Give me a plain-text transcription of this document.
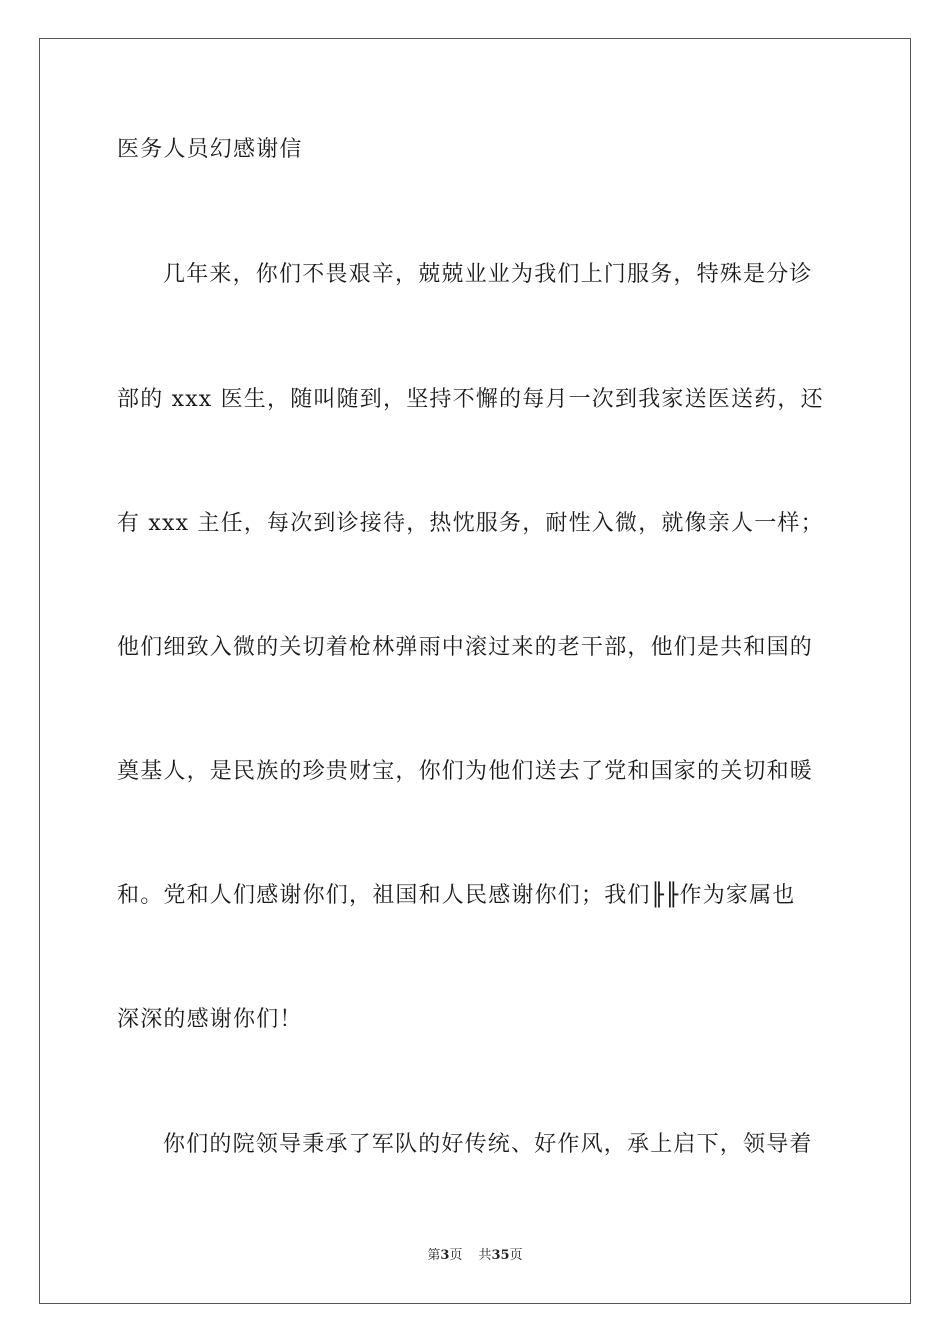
医务人员幻感谢信
几年来，你们不畏艰辛，兢兢业业为我们上门服务，特殊是分诊
部的 xxx 医生，随叫随到，坚持不懈的每月一次到我家送医送药，还
有 xxx 主任，每次到诊接待，热忱服务，耐性入微，就像亲人一样；
他们细致入微的关切着枪林弹雨中滚过来的老干部，他们是共和国的
奠基人，是民族的珍贵财宝，你们为他们送去了党和国家的关切和暖
和。党和人们感谢你们，祖国和人民感谢你们；我们╟╟作为家属也
深深的感谢你们！
你们的院领导秉承了军队的好传统、好作风，承上启下，领导着
第3页 共35页
